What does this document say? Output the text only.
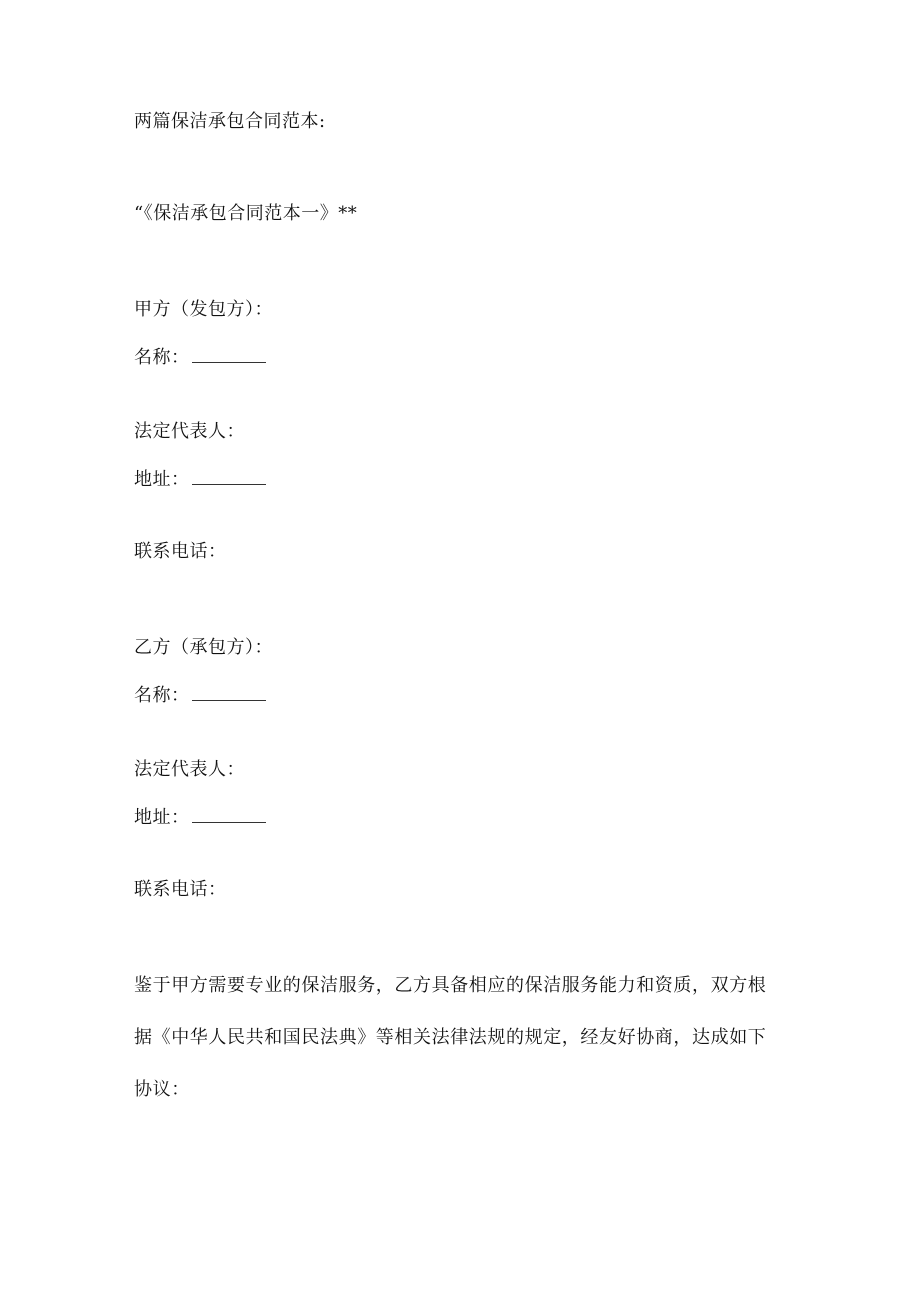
两篇保洁承包合同范本:
“《保洁承包合同范本一》**
甲方（发包方）：
名称：
法定代表人：
地址：
联系电话：
乙方（承包方）：
名称：
法定代表人：
地址：
联系电话：
鉴于甲方需要专业的保洁服务，乙方具备相应的保洁服务能力和资质，双方根
据《中华人民共和国民法典》等相关法律法规的规定，经友好协商，达成如下
协议：
